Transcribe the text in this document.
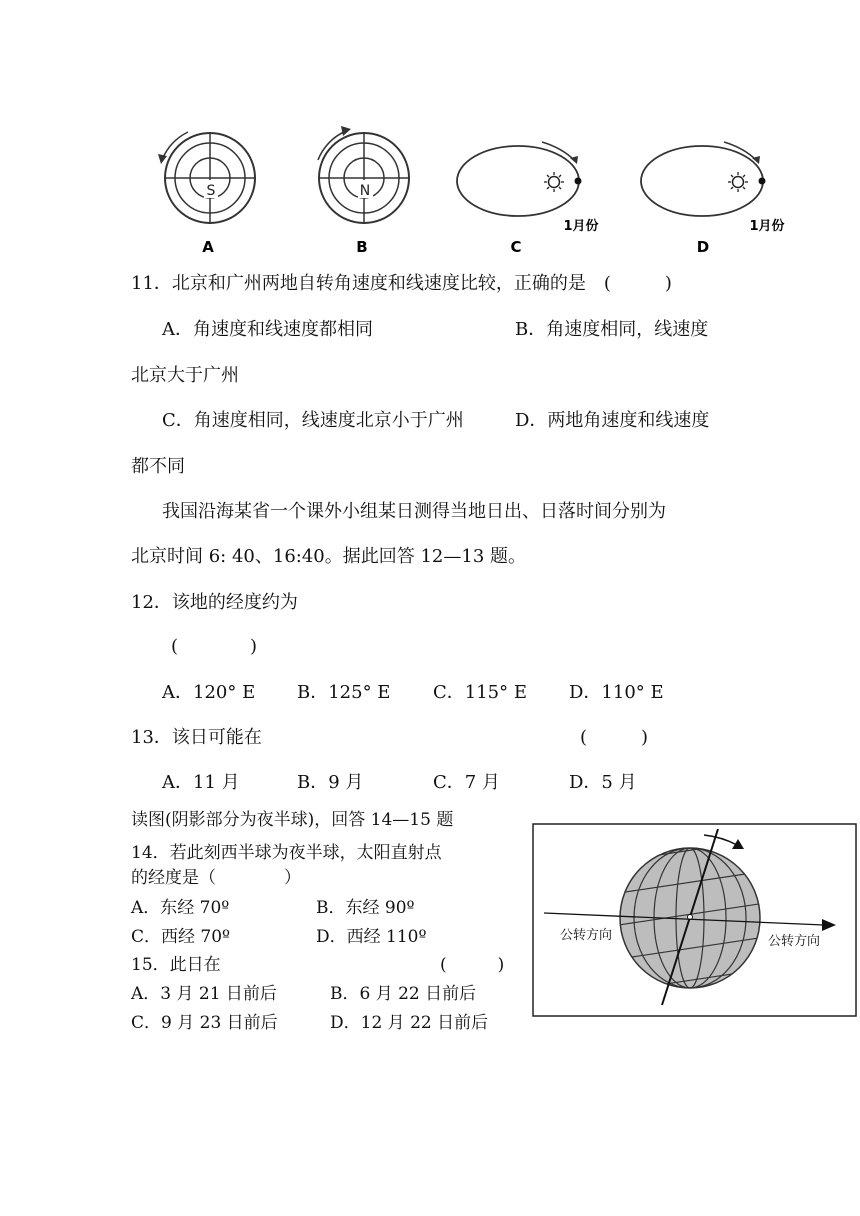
S
A
N
B
1月份
C
1月份
D
11．北京和广州两地自转角速度和线速度比较，正确的是　(　　　)
A．角速度和线速度都相同	B．角速度相同，线速度
北京大于广州
C．角速度相同，线速度北京小于广州	D．两地角速度和线速度
都不同
我国沿海某省一个课外小组某日测得当地日出、日落时间分别为
北京时间 6: 40、16:40。据此回答 12—13 题。
12．该地的经度约为
(　　　　)
A．120° E B．125° E C．115° E D．110° E
13．该日可能在	(　　　)
A．11 月	B．9 月	C．7 月	D．5 月
读图(阴影部分为夜半球)，回答 14—15 题
14．若此刻西半球为夜半球，太阳直射点
的经度是（　　　　）
A．东经 70º	B．东经 90º
C．西经 70º	D．西经 110º
15．此日在	(　　　)
A．3 月 21 日前后	B．6 月 22 日前后
C．9 月 23 日前后	D．12 月 22 日前后
公转方向	公转方向
